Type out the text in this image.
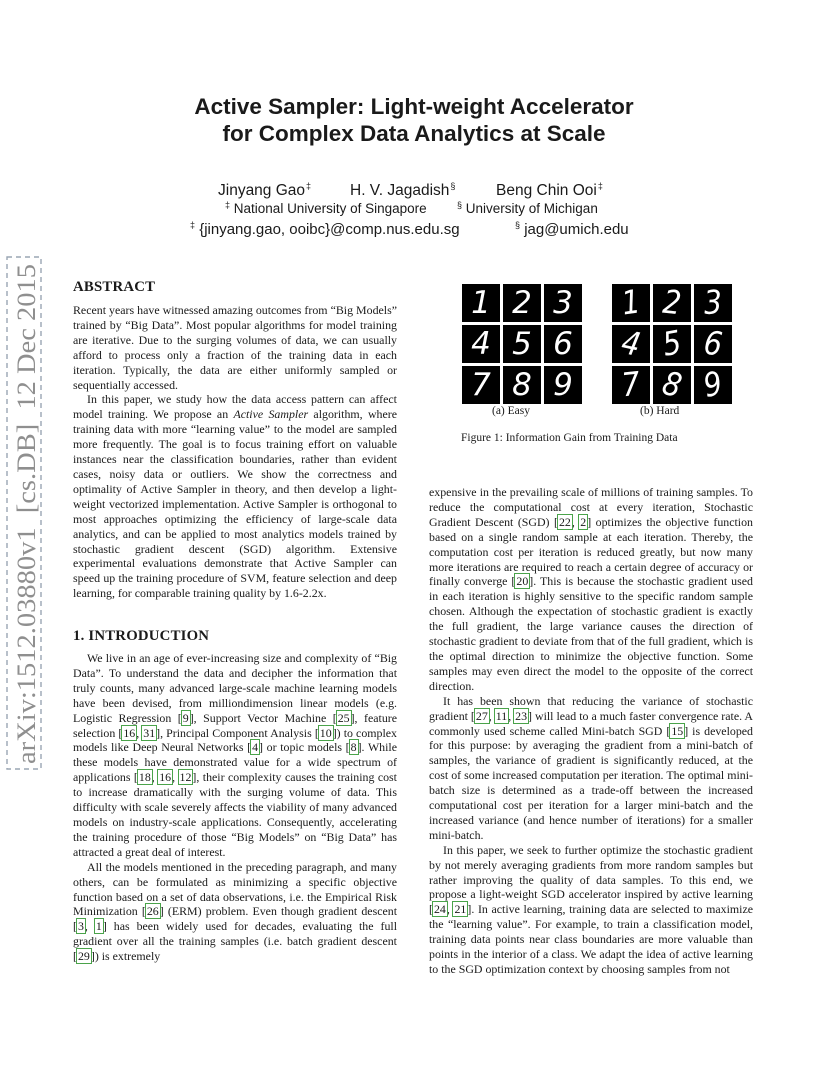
Active Sampler: Light-weight Accelerator
for Complex Data Analytics at Scale
Jinyang Gao‡	H. V. Jagadish§	Beng Chin Ooi‡
‡ National University of Singapore	§ University of Michigan
‡ {jinyang.gao, ooibc}@comp.nus.edu.sg	§ jag@umich.edu
arXiv:1512.03880v1  [cs.DB]  12 Dec 2015
ABSTRACT

Recent years have witnessed amazing outcomes from “Big Models” trained by “Big Data”. Most popular algorithms for model training are iterative. Due to the surging volumes of data, we can usually afford to process only a fraction of the training data in each iteration. Typically, the data are either uniformly sampled or sequentially accessed.

In this paper, we study how the data access pattern can affect model training. We propose an Active Sampler algorithm, where training data with more “learning value” to the model are sampled more frequently. The goal is to focus training effort on valuable instances near the classification boundaries, rather than evident cases, noisy data or outliers. We show the correctness and optimality of Active Sampler in theory, and then develop a light-weight vectorized implementation. Active Sampler is orthogonal to most approaches optimizing the efficiency of large-scale data analytics, and can be applied to most analytics models trained by stochastic gradient descent (SGD) algorithm. Extensive experimental evaluations demonstrate that Active Sampler can speed up the training procedure of SVM, feature selection and deep learning, for comparable training quality by 1.6-2.2x.

1. INTRODUCTION

We live in an age of ever-increasing size and complexity of “Big Data”. To understand the data and decipher the information that truly counts, many advanced large-scale machine learning models have been devised, from milliondimension linear models (e.g. Logistic Regression [9], Support Vector Machine [25], feature selection [16, 31], Principal Component Analysis [10]) to complex models like Deep Neural Networks [4] or topic models [8]. While these models have demonstrated value for a wide spectrum of applications [18, 16, 12], their complexity causes the training cost to increase dramatically with the surging volume of data. This difficulty with scale severely affects the viability of many advanced models on industry-scale applications. Consequently, accelerating the training procedure of those “Big Models” on “Big Data” has attracted a great deal of interest.

All the models mentioned in the preceding paragraph, and many others, can be formulated as minimizing a specific objective function based on a set of data observations, i.e. the Empirical Risk Minimization [26] (ERM) problem. Even though gradient descent [3, 1] has been widely used for decades, evaluating the full gradient over all the training samples (i.e. batch gradient descent [29]) is extremely

1 2 3
4 5 6
7 8 9
1 2 3
4 5 6
7 8 9
(a) Easy	(b) Hard
Figure 1: Information Gain from Training Data

expensive in the prevailing scale of millions of training samples. To reduce the computational cost at every iteration, Stochastic Gradient Descent (SGD) [22, 2] optimizes the objective function based on a single random sample at each iteration. Thereby, the computation cost per iteration is reduced greatly, but now many more iterations are required to reach a certain degree of accuracy or finally converge [20]. This is because the stochastic gradient used in each iteration is highly sensitive to the specific random sample chosen. Although the expectation of stochastic gradient is exactly the full gradient, the large variance causes the direction of stochastic gradient to deviate from that of the full gradient, which is the optimal direction to minimize the objective function. Some samples may even direct the model to the opposite of the correct direction.

It has been shown that reducing the variance of stochastic gradient [27, 11, 23] will lead to a much faster convergence rate. A commonly used scheme called Mini-batch SGD [15] is developed for this purpose: by averaging the gradient from a mini-batch of samples, the variance of gradient is significantly reduced, at the cost of some increased computation per iteration. The optimal mini-batch size is determined as a trade-off between the increased computational cost per iteration for a larger mini-batch and the increased variance (and hence number of iterations) for a smaller mini-batch.

In this paper, we seek to further optimize the stochastic gradient by not merely averaging gradients from more random samples but rather improving the quality of data samples. To this end, we propose a light-weight SGD accelerator inspired by active learning [24, 21]. In active learning, training data are selected to maximize the “learning value”. For example, to train a classification model, training data points near class boundaries are more valuable than points in the interior of a class. We adapt the idea of active learning to the SGD optimization context by choosing samples from not
